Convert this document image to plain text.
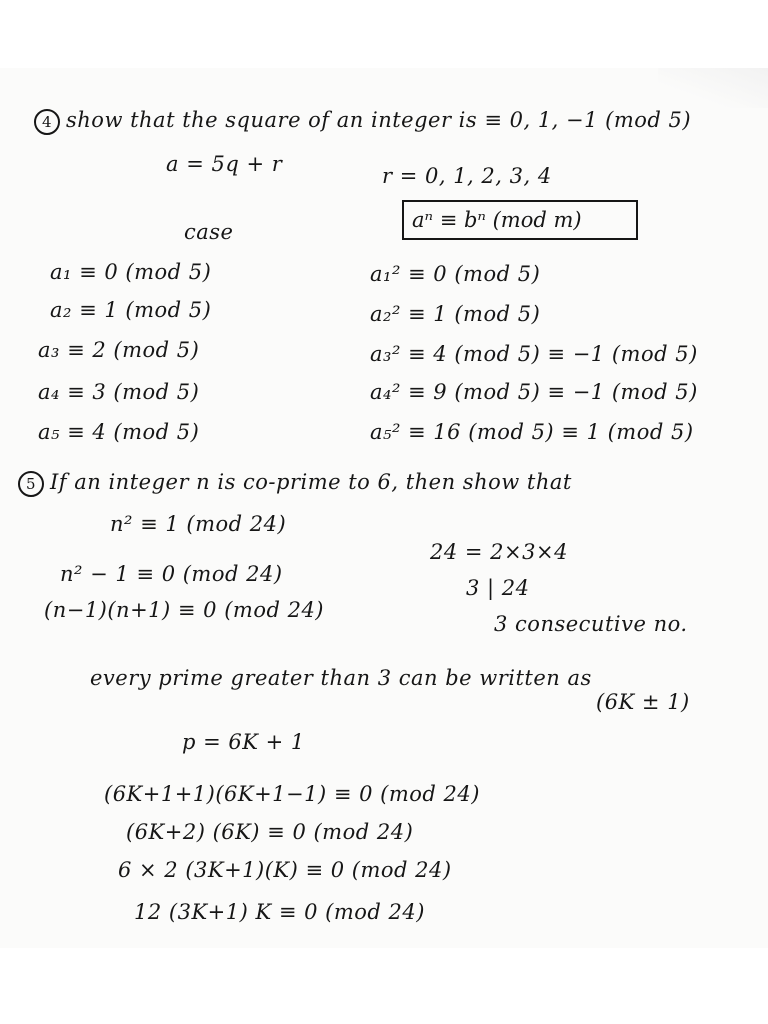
4 show that the square of an integer is ≡ 0, 1, −1 (mod 5)
a = 5q + r	r = 0, 1, 2, 3, 4
case	aⁿ ≡ bⁿ (mod m)
a₁ ≡ 0 (mod 5)
a₂ ≡ 1 (mod 5)
a₃ ≡ 2 (mod 5)
a₄ ≡ 3 (mod 5)
a₅ ≡ 4 (mod 5)
a₁² ≡ 0 (mod 5)
a₂² ≡ 1 (mod 5)
a₃² ≡ 4 (mod 5) ≡ −1 (mod 5)
a₄² ≡ 9 (mod 5) ≡ −1 (mod 5)
a₅² ≡ 16 (mod 5) ≡ 1 (mod 5)
5 If an integer n is co-prime to 6, then show that
n² ≡ 1 (mod 24)
n² − 1 ≡ 0 (mod 24)
24 = 2×3×4
(n−1)(n+1) ≡ 0 (mod 24)
3 | 24
3 consecutive no.
every prime greater than 3 can be written as
(6K ± 1)
p = 6K + 1
(6K+1+1)(6K+1−1) ≡ 0 (mod 24)
(6K+2) (6K) ≡ 0 (mod 24)
6 × 2 (3K+1)(K) ≡ 0 (mod 24)
12 (3K+1) K ≡ 0 (mod 24)
